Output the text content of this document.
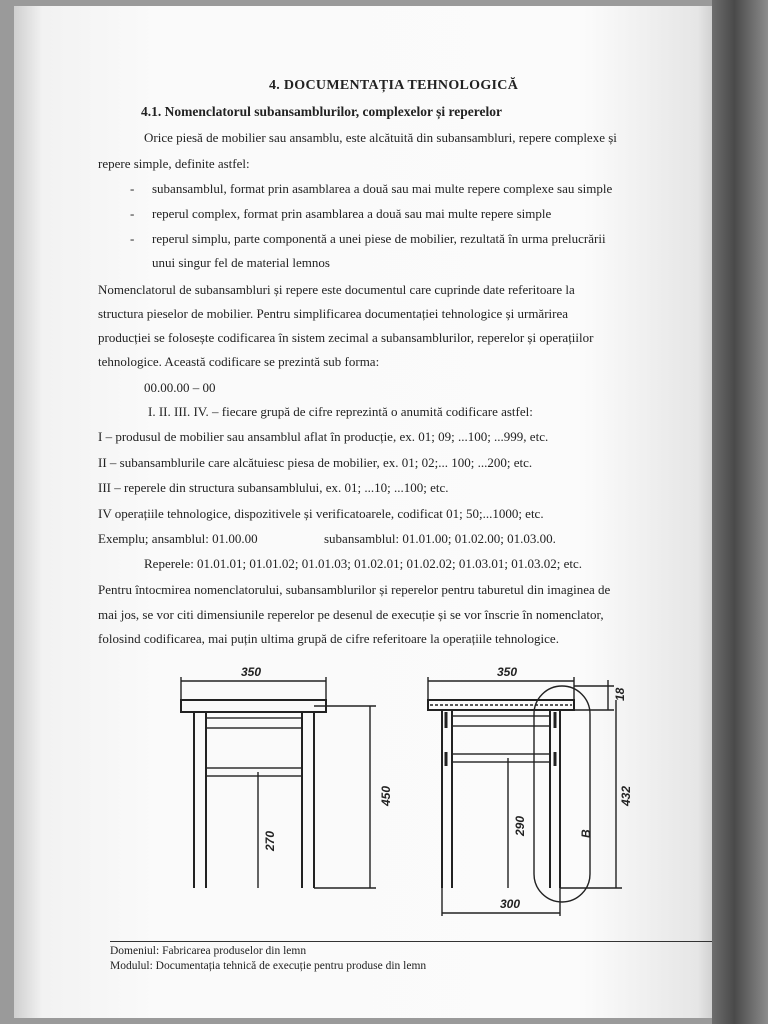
4. DOCUMENTAȚIA TEHNOLOGICĂ
4.1. Nomenclatorul subansamblurilor, complexelor și reperelor
Orice piesă de mobilier sau ansamblu, este alcătuită din subansambluri, repere complexe și
repere simple, definite astfel:
- subansamblul, format prin asamblarea a două sau mai multe repere complexe sau simple
- reperul complex, format prin asamblarea a două sau mai multe repere simple
- reperul simplu, parte componentă a unei piese de mobilier, rezultată în urma prelucrării
unui singur fel de material lemnos
Nomenclatorul de subansambluri și repere este documentul care cuprinde date referitoare la
structura pieselor de mobilier. Pentru simplificarea documentației tehnologice și urmărirea
producției se folosește codificarea în sistem zecimal a subansamblurilor, reperelor și operațiilor
tehnologice. Această codificare se prezintă sub forma:
00.00.00 – 00
I. II. III. IV. – fiecare grupă de cifre reprezintă o anumită codificare astfel:
I – produsul de mobilier sau ansamblul aflat în producție, ex. 01; 09; ...100; ...999, etc.
II – subansamblurile care alcătuiesc piesa de mobilier, ex. 01; 02;... 100; ...200; etc.
III – reperele din structura subansamblului, ex. 01; ...10; ...100; etc.
IV operațiile tehnologice, dispozitivele și verificatoarele, codificat 01; 50;...1000; etc.
Exemplu; ansamblul: 01.00.00	subansamblul: 01.01.00; 01.02.00; 01.03.00.
Reperele: 01.01.01; 01.01.02; 01.01.03; 01.02.01; 01.02.02; 01.03.01; 01.03.02; etc.
Pentru întocmirea nomenclatorului, subansamblurilor și reperelor pentru taburetul din imaginea de
mai jos, se vor citi dimensiunile reperelor pe desenul de execuție și se vor înscrie în nomenclator,
folosind codificarea, mai puțin ultima grupă de cifre referitoare la operațiile tehnologice.
350
450
270
350
18
432
290	B
300
Domeniul: Fabricarea produselor din lemn
Modulul: Documentația tehnică de execuție pentru produse din lemn
